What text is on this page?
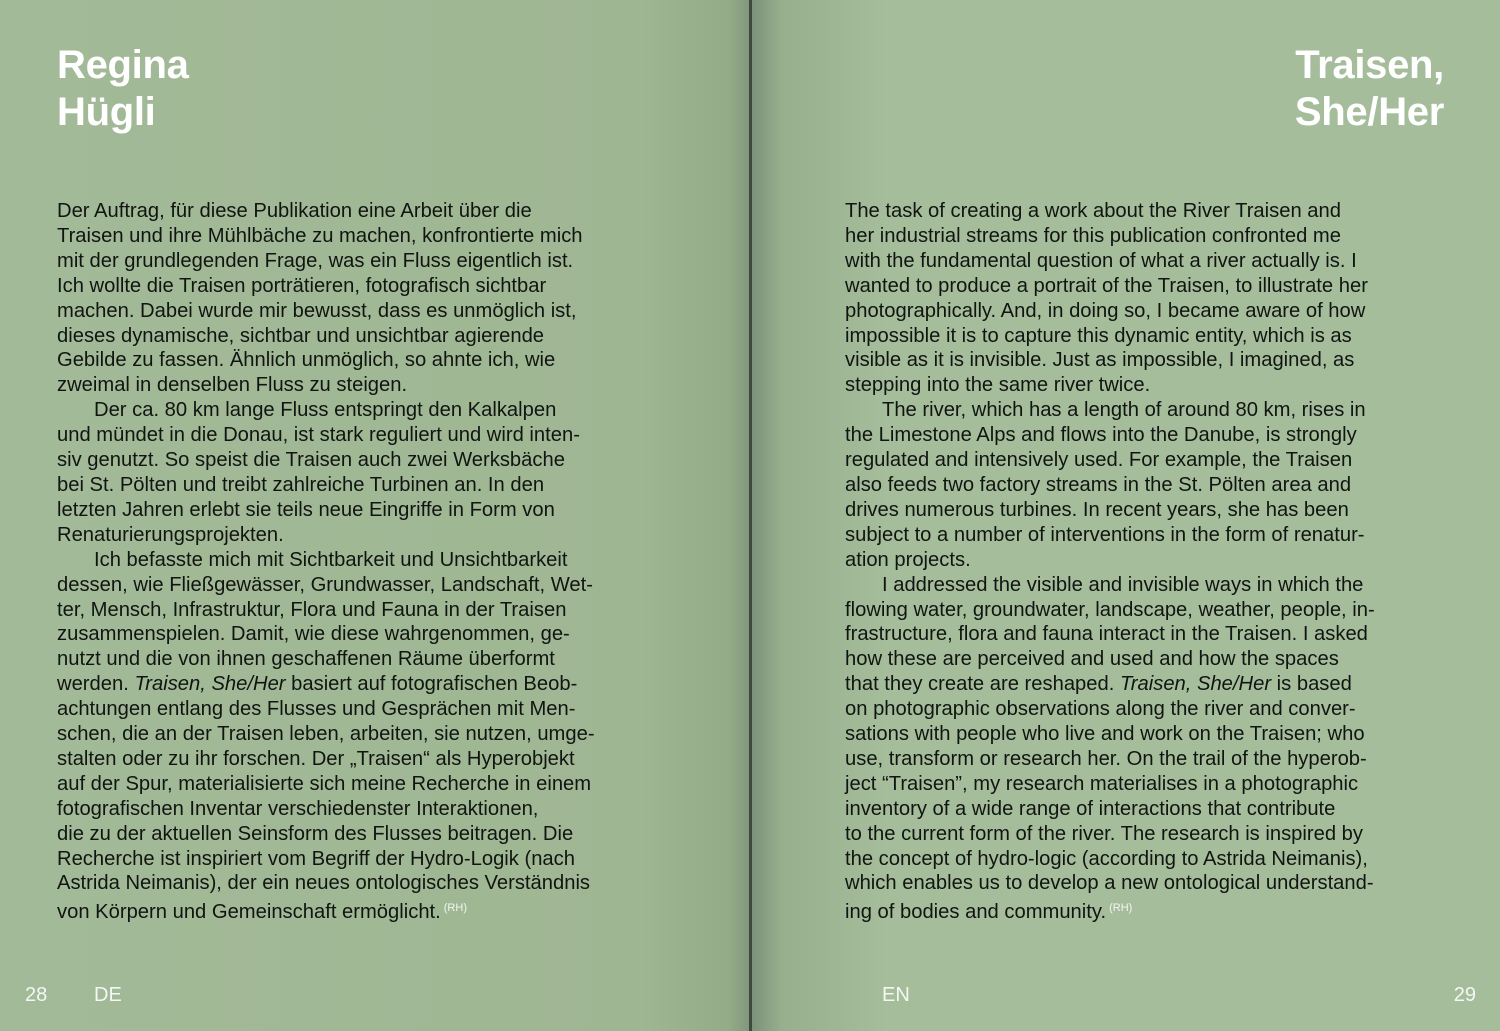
Regina
Hügli
Der Auftrag, für diese Publikation eine Arbeit über die
Traisen und ihre Mühlbäche zu machen, konfrontierte mich
mit der grundlegenden Frage, was ein Fluss eigentlich ist.
Ich wollte die Traisen porträtieren, fotografisch sichtbar
machen. Dabei wurde mir bewusst, dass es unmöglich ist,
dieses dynamische, sichtbar und unsichtbar agierende
Gebilde zu fassen. Ähnlich unmöglich, so ahnte ich, wie
zweimal in denselben Fluss zu steigen.
Der ca. 80 km lange Fluss entspringt den Kalkalpen
und mündet in die Donau, ist stark reguliert und wird inten-
siv genutzt. So speist die Traisen auch zwei Werksbäche
bei St. Pölten und treibt zahlreiche Turbinen an. In den
letzten Jahren erlebt sie teils neue Eingriffe in Form von
Renaturierungsprojekten.
Ich befasste mich mit Sichtbarkeit und Unsichtbarkeit
dessen, wie Fließgewässer, Grundwasser, Landschaft, Wet-
ter, Mensch, Infrastruktur, Flora und Fauna in der Traisen
zusammenspielen. Damit, wie diese wahrgenommen, ge-
nutzt und die von ihnen geschaffenen Räume überformt
werden. Traisen, She/Her basiert auf fotografischen Beob-
achtungen entlang des Flusses und Gesprächen mit Men-
schen, die an der Traisen leben, arbeiten, sie nutzen, umge-
stalten oder zu ihr forschen. Der „Traisen“ als Hyperobjekt
auf der Spur, materialisierte sich meine Recherche in einem
fotografischen Inventar verschiedenster Interaktionen,
die zu der aktuellen Seinsform des Flusses beitragen. Die
Recherche ist inspiriert vom Begriff der Hydro-Logik (nach
Astrida Neimanis), der ein neues ontologisches Verständnis
von Körpern und Gemeinschaft ermöglicht. $^{(RH)}$
28 DE
Traisen,
She/Her
The task of creating a work about the River Traisen and
her industrial streams for this publication confronted me
with the fundamental question of what a river actually is. I
wanted to produce a portrait of the Traisen, to illustrate her
photographically. And, in doing so, I became aware of how
impossible it is to capture this dynamic entity, which is as
visible as it is invisible. Just as impossible, I imagined, as
stepping into the same river twice.
The river, which has a length of around 80 km, rises in
the Limestone Alps and flows into the Danube, is strongly
regulated and intensively used. For example, the Traisen
also feeds two factory streams in the St. Pölten area and
drives numerous turbines. In recent years, she has been
subject to a number of interventions in the form of renatur-
ation projects.
I addressed the visible and invisible ways in which the
flowing water, groundwater, landscape, weather, people, in-
frastructure, flora and fauna interact in the Traisen. I asked
how these are perceived and used and how the spaces
that they create are reshaped. Traisen, She/Her is based
on photographic observations along the river and conver-
sations with people who live and work on the Traisen; who
use, transform or research her. On the trail of the hyperob-
ject “Traisen”, my research materialises in a photographic
inventory of a wide range of interactions that contribute
to the current form of the river. The research is inspired by
the concept of hydro-logic (according to Astrida Neimanis),
which enables us to develop a new ontological understand-
ing of bodies and community. $^{(RH)}$
EN	29
